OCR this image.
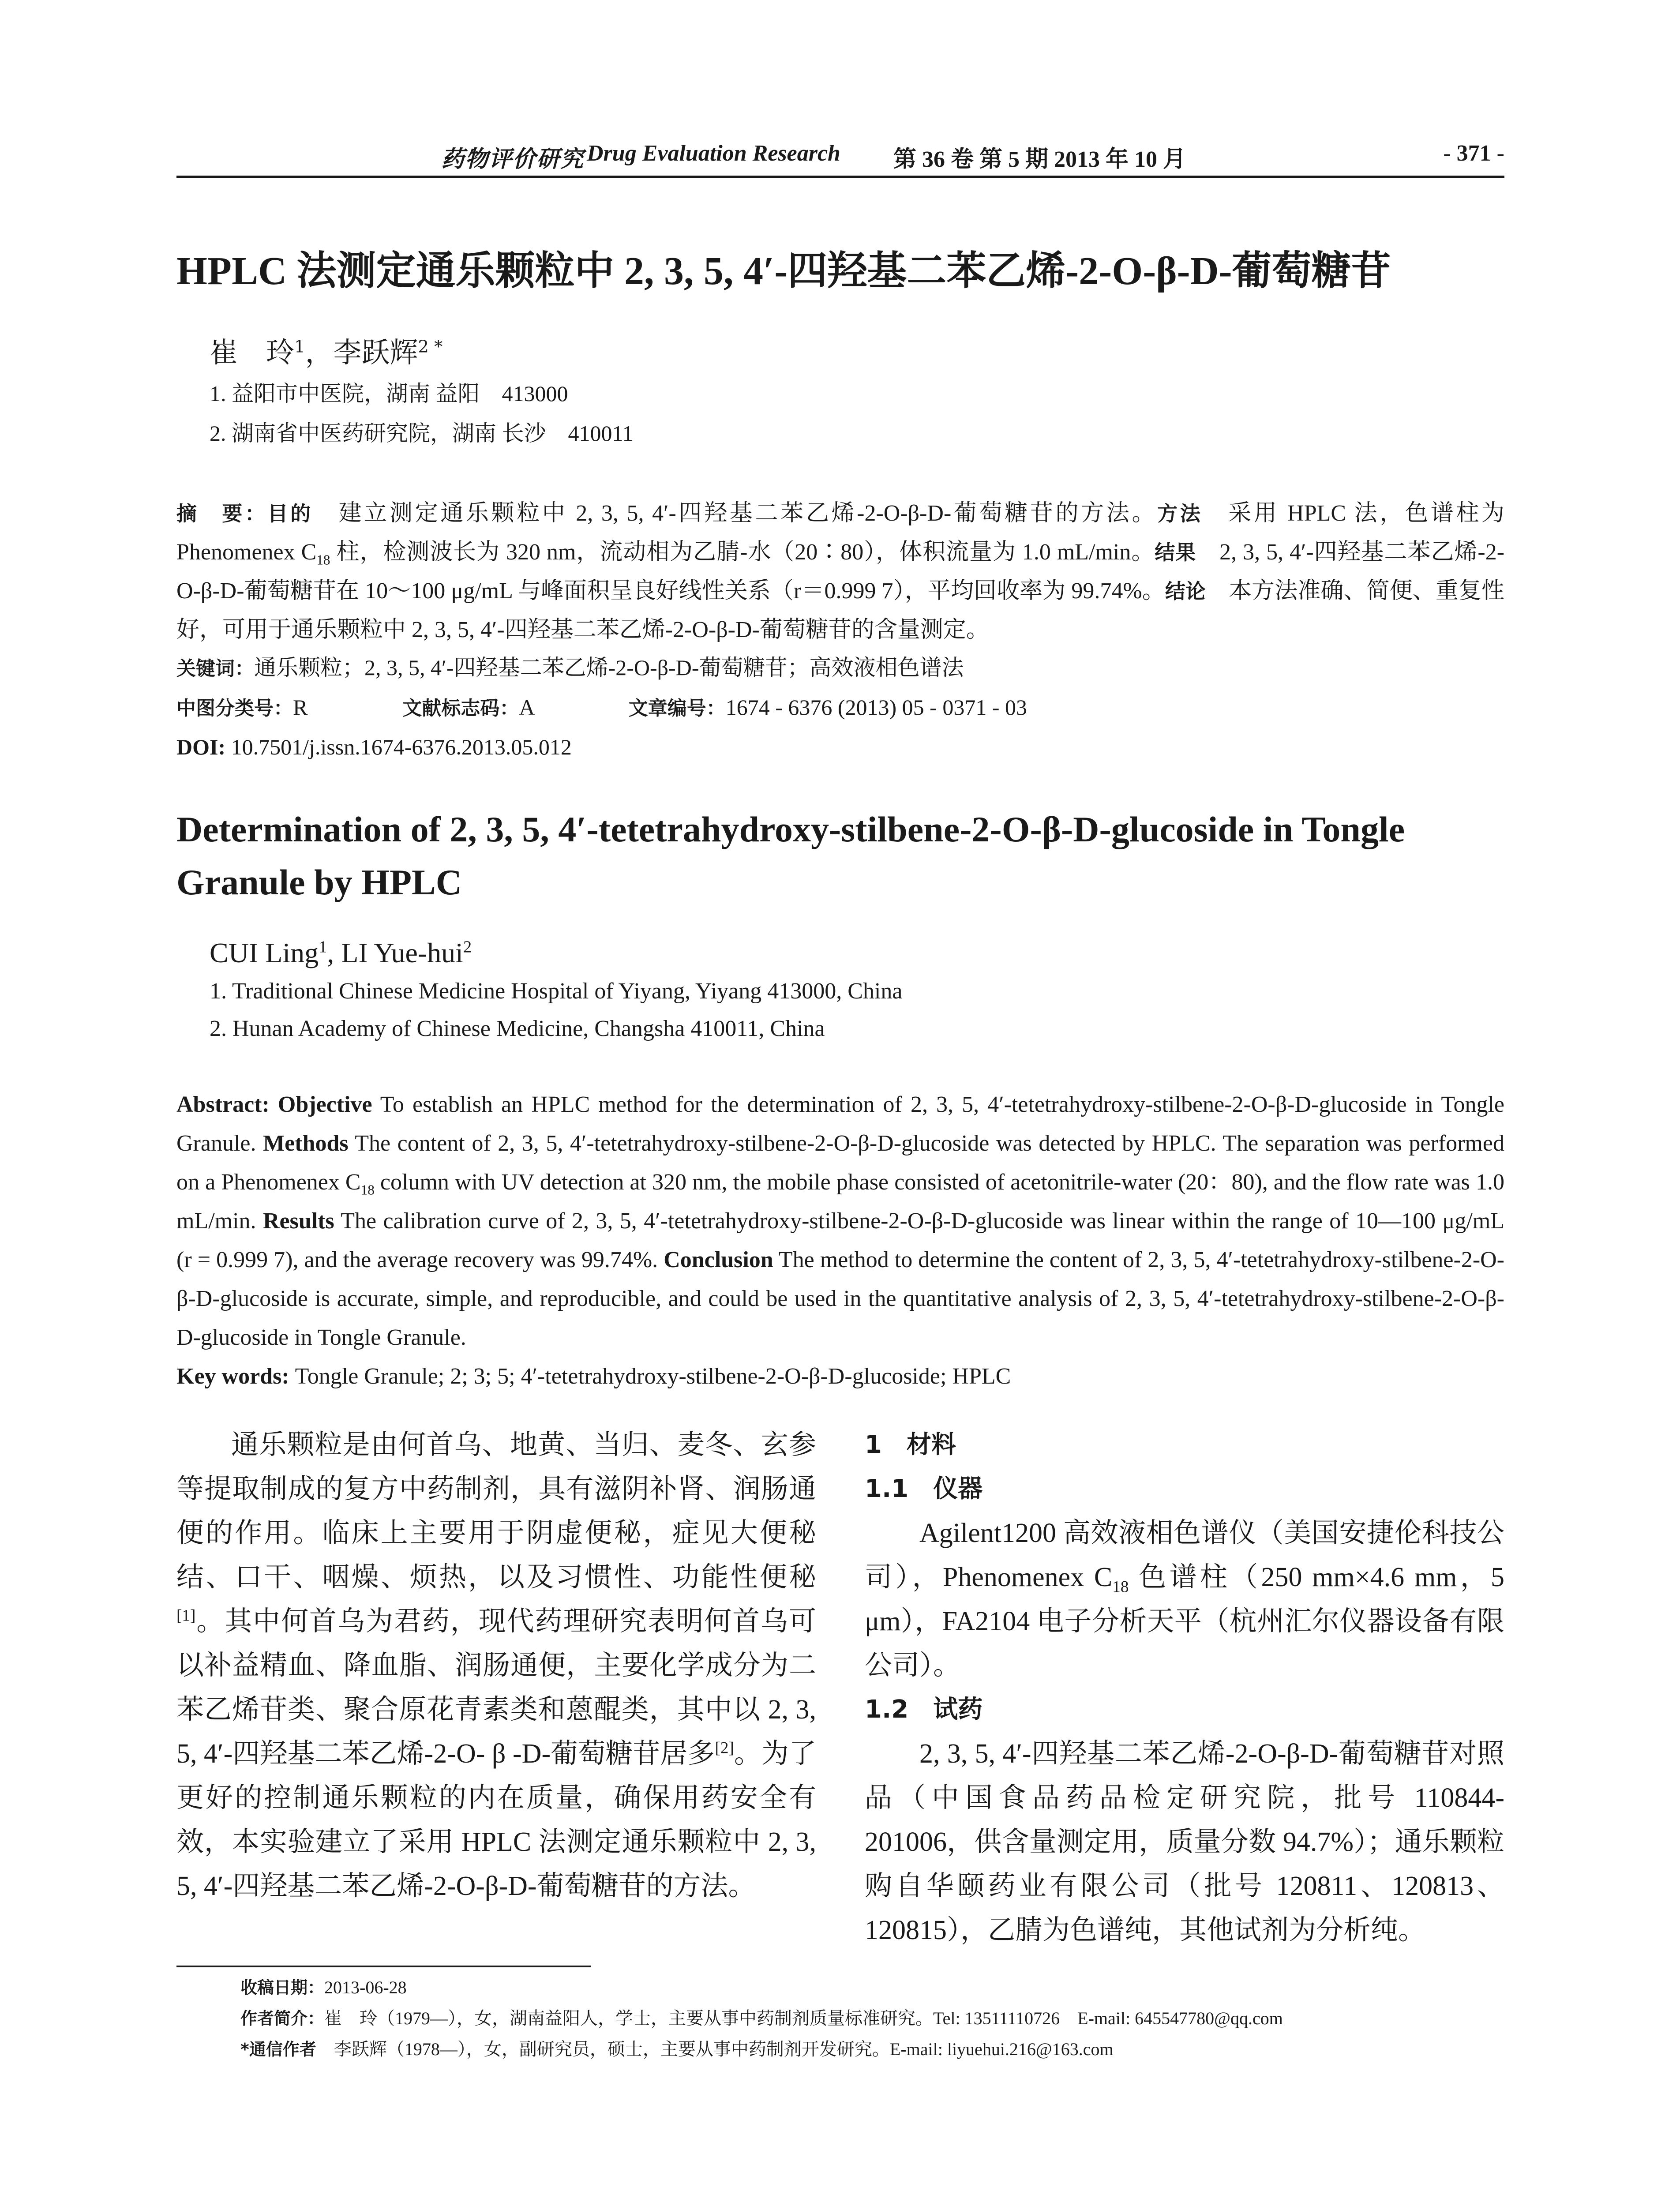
药物评价研究 Drug Evaluation Research 第 36 卷 第 5 期 2013 年 10 月	- 371 -
HPLC 法测定通乐颗粒中 2, 3, 5, 4′-四羟基二苯乙烯-2-O-β-D-葡萄糖苷
崔　玲$^1$，李跃辉$^{2 *}$
1. 益阳市中医院，湖南 益阳　413000
2. 湖南省中医药研究院，湖南 长沙　410011

摘　要：目的　建立测定通乐颗粒中 2, 3, 5, 4′-四羟基二苯乙烯-2-O-β-D-葡萄糖苷的方法。方法　采用 HPLC 法，色谱柱为 Phenomenex $C_{18}$ 柱，检测波长为 320 nm，流动相为乙腈-水（20∶80），体积流量为 1.0 mL/min。结果　2, 3, 5, 4′-四羟基二苯乙烯-2-O-β-D-葡萄糖苷在 10～100 μg/mL 与峰面积呈良好线性关系（r＝0.999 7），平均回收率为 99.74%。结论　本方法准确、简便、重复性好，可用于通乐颗粒中 2, 3, 5, 4′-四羟基二苯乙烯-2-O-β-D-葡萄糖苷的含量测定。

关键词：通乐颗粒；2, 3, 5, 4′-四羟基二苯乙烯-2-O-β-D-葡萄糖苷；高效液相色谱法
中图分类号：R	文献标志码：A	文章编号：1674 - 6376 (2013) 05 - 0371 - 03
DOI: 10.7501/j.issn.1674-6376.2013.05.012
Determination of 2, 3, 5, 4′-tetetrahydroxy-stilbene-2-O-β-D-glucoside in Tongle Granule by HPLC
CUI Ling$^1$, LI Yue-hui$^2$
1. Traditional Chinese Medicine Hospital of Yiyang, Yiyang 413000, China
2. Hunan Academy of Chinese Medicine, Changsha 410011, China

Abstract: Objective To establish an HPLC method for the determination of 2, 3, 5, 4′-tetetrahydroxy-stilbene-2-O-β-D-glucoside in Tongle Granule. Methods The content of 2, 3, 5, 4′-tetetrahydroxy-stilbene-2-O-β-D-glucoside was detected by HPLC. The separation was performed on a Phenomenex $C_{18}$ column with UV detection at 320 nm, the mobile phase consisted of acetonitrile-water (20：80), and the flow rate was 1.0 mL/min. Results The calibration curve of 2, 3, 5, 4′-tetetrahydroxy-stilbene-2-O-β-D-glucoside was linear within the range of 10—100 μg/mL (r = 0.999 7), and the average recovery was 99.74%. Conclusion The method to determine the content of 2, 3, 5, 4′-tetetrahydroxy-stilbene-2-O-β-D-glucoside is accurate, simple, and reproducible, and could be used in the quantitative analysis of 2, 3, 5, 4′-tetetrahydroxy-stilbene-2-O-β-D-glucoside in Tongle Granule.

Key words: Tongle Granule; 2; 3; 5; 4′-tetetrahydroxy-stilbene-2-O-β-D-glucoside; HPLC

通乐颗粒是由何首乌、地黄、当归、麦冬、玄参等提取制成的复方中药制剂，具有滋阴补肾、润肠通便的作用。临床上主要用于阴虚便秘，症见大便秘结、口干、咽燥、烦热，以及习惯性、功能性便秘[1]。其中何首乌为君药，现代药理研究表明何首乌可以补益精血、降血脂、润肠通便，主要化学成分为二苯乙烯苷类、聚合原花青素类和蒽醌类，其中以 2, 3, 5, 4′-四羟基二苯乙烯-2-O- β -D-葡萄糖苷居多[2]。为了更好的控制通乐颗粒的内在质量，确保用药安全有效，本实验建立了采用 HPLC 法测定通乐颗粒中 2, 3, 5, 4′-四羟基二苯乙烯-2-O-β-D-葡萄糖苷的方法。

1　材料

1.1　仪器

Agilent1200 高效液相色谱仪（美国安捷伦科技公司），Phenomenex $C_{18}$ 色谱柱（250 mm×4.6 mm，5 μm），FA2104 电子分析天平（杭州汇尔仪器设备有限公司）。

1.2　试药

2, 3, 5, 4′-四羟基二苯乙烯-2-O-β-D-葡萄糖苷对照品（中国食品药品检定研究院，批号 110844-201006，供含量测定用，质量分数 94.7%）；通乐颗粒购自华颐药业有限公司（批号 120811、120813、120815），乙腈为色谱纯，其他试剂为分析纯。

收稿日期：2013-06-28
作者简介：崔　玲（1979—），女，湖南益阳人，学士，主要从事中药制剂质量标准研究。Tel: 13511110726　E-mail: 645547780@qq.com
*通信作者　李跃辉（1978—），女，副研究员，硕士，主要从事中药制剂开发研究。E-mail: liyuehui.216@163.com
